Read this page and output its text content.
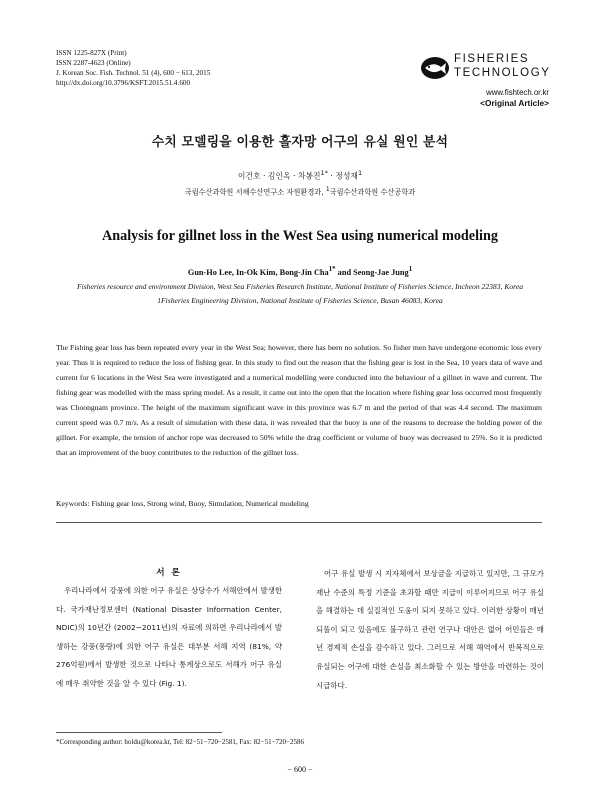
ISSN 1225-827X (Print)
ISSN 2287-4623 (Online)
J. Korean Soc. Fish. Technol. 51 (4), 600 − 613, 2015
http://dx.doi.org/10.3796/KSFT.2015.51.4.600
FISHERIES
TECHNOLOGY
www.fishtech.or.kr
<Original Article>
수치 모델링을 이용한 흘자망 어구의 유실 원인 분석
이건호 · 김인옥 · 차봉진$^{1*}$ · 정성재$^1$
국립수산과학원 서해수산연구소 자원환경과, $^1$국립수산과학원 수산공학과
Analysis for gillnet loss in the West Sea using numerical modeling
Gun-Ho Lee, In-Ok Kim, Bong-Jin Cha$^{1*}$ and Seong-Jae Jung$^1$
Fisheries resource and environment Division, West Sea Fisheries Research Institute, National Institute of Fisheries Science, Incheon 22383, Korea
1Fisheries Engineering Division, National Institute of Fisheries Science, Busan 46083, Korea
The Fishing gear loss has been repeated every year in the West Sea; however, there has been no solution. So fisher men have undergone economic loss every year. Thus it is required to reduce the loss of fishing gear. In this study to find out the reason that the fishing gear is lost in the Sea, 10 years data of wave and current for 6 locations in the West Sea were investigated and a numerical modelling were conducted into the behaviour of a gillnet in wave and current. The fishing gear was modelled with the mass spring model. As a result, it came out into the open that the location where fishing gear loss occurred most frequently was Choongnam province. The height of the maximum significant wave in this province was 6.7 m and the period of that was 4.4 second. The maximum current speed was 0.7 m/s. As a result of simulation with these data, it was revealed that the buoy is one of the reasons to decrease the holding power of the gillnet. For example, the tension of anchor rope was decreased to 50% while the drag coefficient or volume of buoy was decreased to 25%. So it is predicted that an improvement of the buoy contributes to the reduction of the gillnet loss.
Keywords: Fishing gear loss, Strong wind, Buoy, Simulation, Numerical modeling
서 론
우리나라에서 강풍에 의한 어구 유실은 상당수가 서해안에서 발생한다. 국가재난정보센터 (National Disaster Information Center, NDIC)의 10년간 (2002~2011년)의 자료에 의하면 우리나라에서 발생하는 강풍(풍랑)에 의한 어구 유실은 대부분 서해 지역 (81%, 약 276억원)에서 발생한 것으로 나타나 통계상으로도 서해가 어구 유실에 매우 취약한 것을 알 수 있다 (Fig. 1).
어구 유실 발생 시 지자체에서 보상금을 지급하고 있지만, 그 규모가 재난 수준의 특정 기준을 초과할 때만 지급이 이루어지므로 어구 유실을 해결하는 데 실질적인 도움이 되지 못하고 있다. 이러한 상황이 매년 되풀이 되고 있음에도 불구하고 관련 연구나 대안은 없어 어민들은 매년 경제적 손실을 감수하고 있다. 그러므로 서해 해역에서 반복적으로 유실되는 어구에 대한 손실을 최소화할 수 있는 방안을 마련하는 것이 시급하다.
*Corresponding author: holdu@korea.kr, Tel: 82−51−720−2581, Fax: 82−51−720−2586
− 600 −
